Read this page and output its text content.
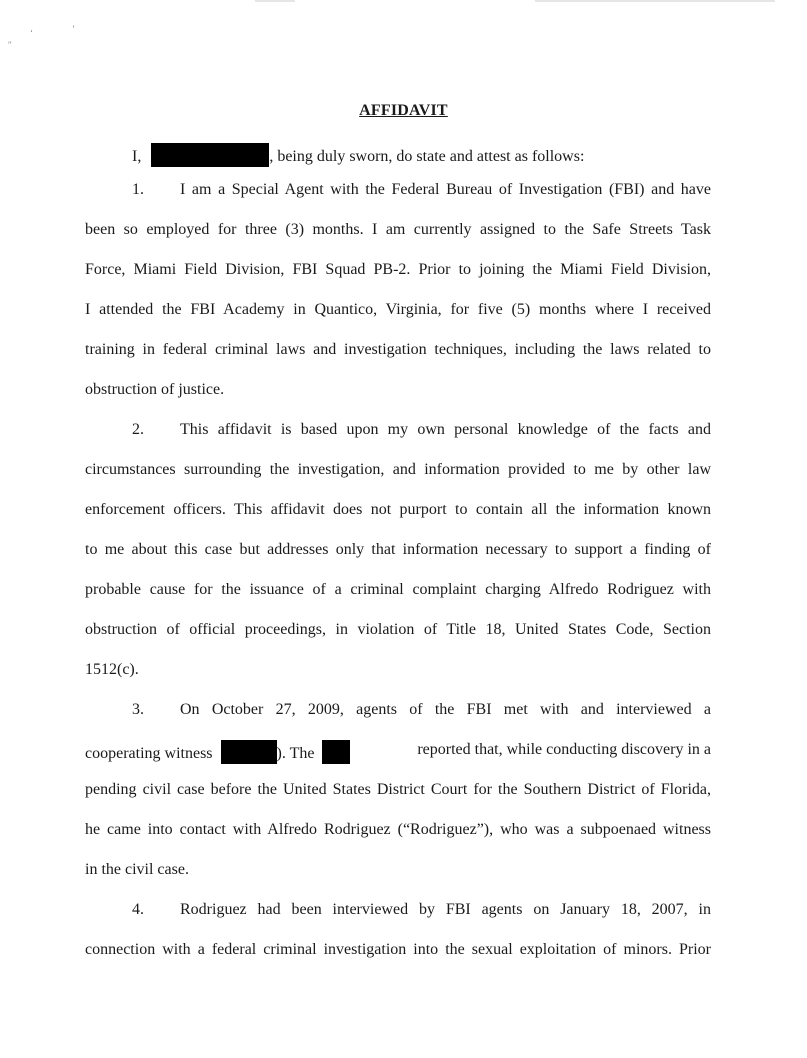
″
ʻ	ʼ
AFFIDAVIT
I,	, being duly sworn, do state and attest as follows:
1. I am a Special Agent with the Federal Bureau of Investigation (FBI) and have
been so employed for three (3) months. I am currently assigned to the Safe Streets Task
Force, Miami Field Division, FBI Squad PB-2. Prior to joining the Miami Field Division,
I attended the FBI Academy in Quantico, Virginia, for five (5) months where I received
training in federal criminal laws and investigation techniques, including the laws related to
obstruction of justice.
2. This affidavit is based upon my own personal knowledge of the facts and
circumstances surrounding the investigation, and information provided to me by other law
enforcement officers. This affidavit does not purport to contain all the information known
to me about this case but addresses only that information necessary to support a finding of
probable cause for the issuance of a criminal complaint charging Alfredo Rodriguez with
obstruction of official proceedings, in violation of Title 18, United States Code, Section
1512(c).
3. On October 27, 2009, agents of the FBI met with and interviewed a
cooperating witness	). The	reported that, while conducting discovery in a
pending civil case before the United States District Court for the Southern District of Florida,
he came into contact with Alfredo Rodriguez (“Rodriguez”), who was a subpoenaed witness
in the civil case.
4. Rodriguez had been interviewed by FBI agents on January 18, 2007, in
connection with a federal criminal investigation into the sexual exploitation of minors. Prior
